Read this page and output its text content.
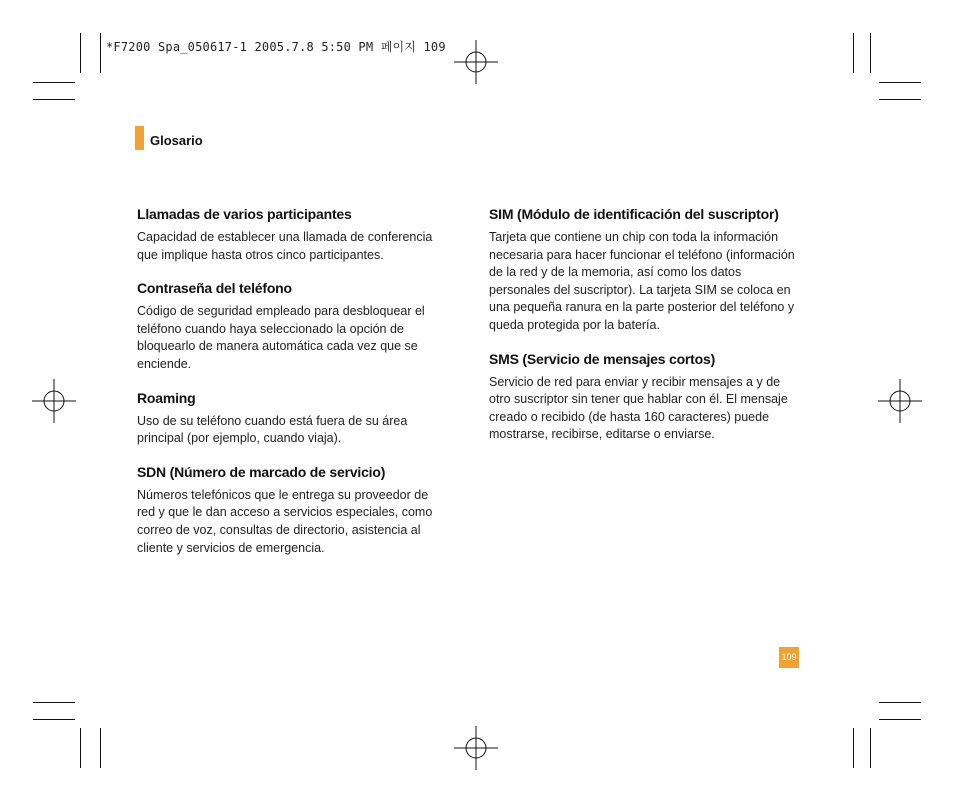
*F7200 Spa_050617-1 2005.7.8 5:50 PM 페이지 109
Glosario
Llamadas de varios participantes

Capacidad de establecer una llamada de conferencia que implique hasta otros cinco participantes.

Contraseña del teléfono

Código de seguridad empleado para desbloquear el teléfono cuando haya seleccionado la opción de bloquearlo de manera automática cada vez que se enciende.

Roaming

Uso de su teléfono cuando está fuera de su área principal (por ejemplo, cuando viaja).

SDN (Número de marcado de servicio)

Números telefónicos que le entrega su proveedor de red y que le dan acceso a servicios especiales, como correo de voz, consultas de directorio, asistencia al cliente y servicios de emergencia.

SIM (Módulo de identificación del suscriptor)

Tarjeta que contiene un chip con toda la información necesaria para hacer funcionar el teléfono (información de la red y de la memoria, así como los datos personales del suscriptor). La tarjeta SIM se coloca en una pequeña ranura en la parte posterior del teléfono y queda protegida por la batería.

SMS (Servicio de mensajes cortos)

Servicio de red para enviar y recibir mensajes a y de otro suscriptor sin tener que hablar con él. El mensaje creado o recibido (de hasta 160 caracteres) puede mostrarse, recibirse, editarse o enviarse.

109
